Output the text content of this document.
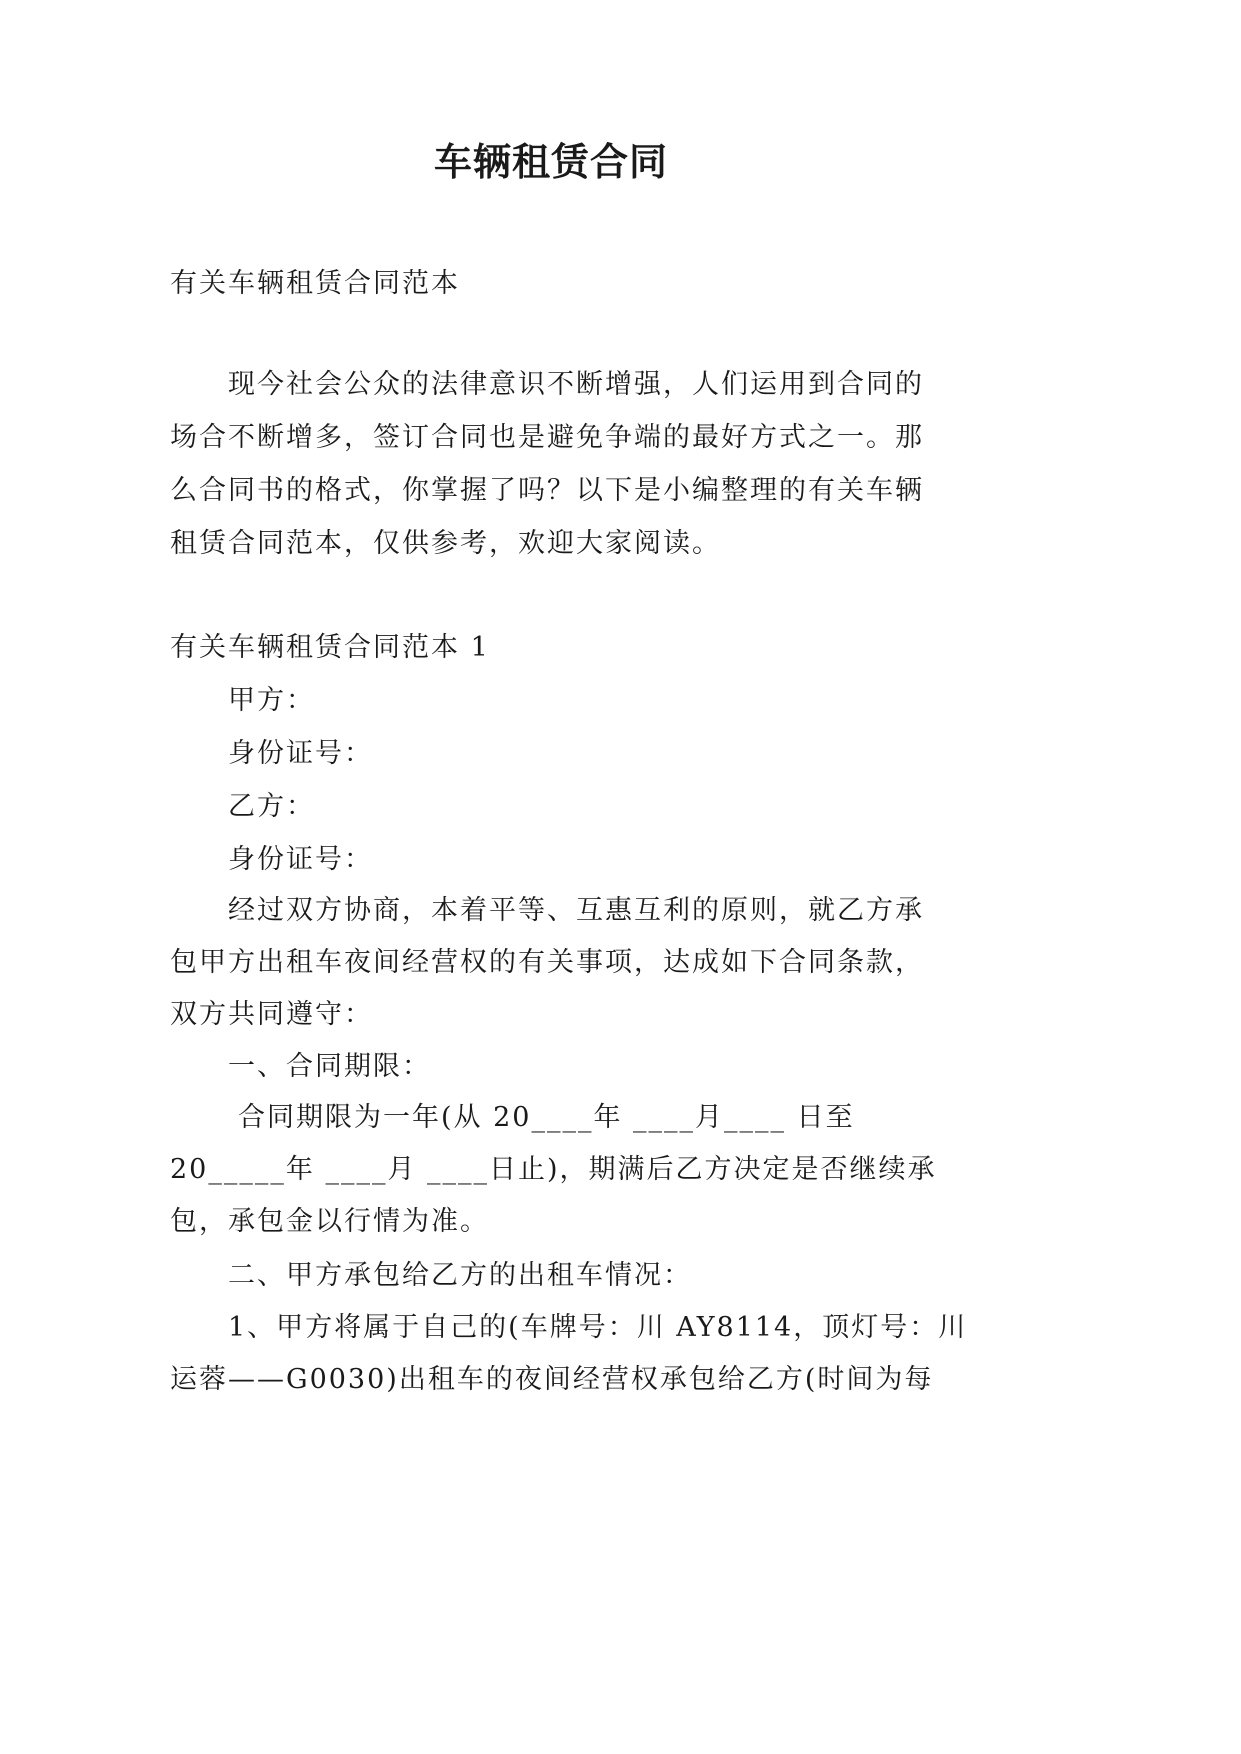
车辆租赁合同
有关车辆租赁合同范本
现今社会公众的法律意识不断增强，人们运用到合同的
场合不断增多，签订合同也是避免争端的最好方式之一。那
么合同书的格式，你掌握了吗？以下是小编整理的有关车辆
租赁合同范本，仅供参考，欢迎大家阅读。
有关车辆租赁合同范本 1
甲方：
身份证号：
乙方：
身份证号：
经过双方协商，本着平等、互惠互利的原则，就乙方承
包甲方出租车夜间经营权的有关事项，达成如下合同条款，
双方共同遵守：
一、合同期限：
合同期限为一年(从 20____年 ____月____ 日至
20_____年 ____月 ____日止)，期满后乙方决定是否继续承
包，承包金以行情为准。
二、甲方承包给乙方的出租车情况：
1、甲方将属于自己的(车牌号：川 AY8114，顶灯号：川
运蓉——G0030)出租车的夜间经营权承包给乙方(时间为每
